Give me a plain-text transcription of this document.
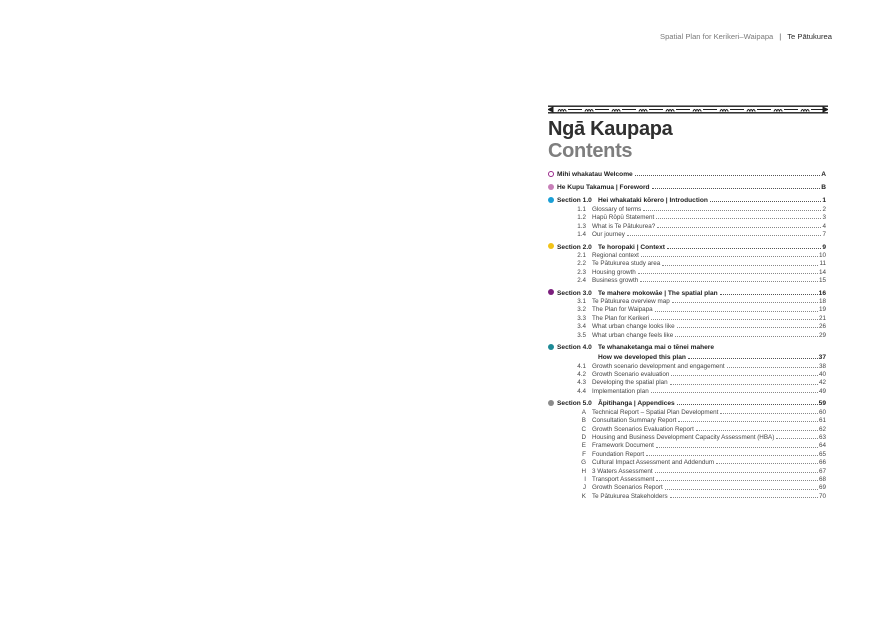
Spatial Plan for Kerikeri–Waipapa | Te Pātukurea
Ngā Kaupapa
Contents
Mihi whakatau Welcome	A
He Kupu Takamua | Foreword	B
Section 1.0 Hei whakataki kōrero | Introduction	1
1.1 Glossary of terms	2
1.2 Hapū Rōpū Statement	3
1.3 What is Te Pātukurea?	4
1.4 Our journey	7
Section 2.0 Te horopaki | Context	9
2.1 Regional context	10
2.2 Te Pātukurea study area	11
2.3 Housing growth	14
2.4 Business growth	15
Section 3.0 Te mahere mokowāe | The spatial plan	16
3.1 Te Pātukurea overview map	18
3.2 The Plan for Waipapa	19
3.3 The Plan for Kerikeri	21
3.4 What urban change looks like	26
3.5 What urban change feels like	29
Section 4.0 Te whanaketanga mai o tēnei mahere
How we developed this plan	37
4.1 Growth scenario development and engagement	38
4.2 Growth Scenario evaluation	40
4.3 Developing the spatial plan	42
4.4 Implementation plan	49
Section 5.0 Āpitihanga | Appendices	59
A Technical Report – Spatial Plan Development	60
B Consultation Summary Report	61
C Growth Scenarios Evaluation Report	62
D Housing and Business Development Capacity Assessment (HBA)	63
E Framework Document	64
F Foundation Report	65
G Cultural Impact Assessment and Addendum	66
H 3 Waters Assessment	67
I Transport Assessment	68
J Growth Scenarios Report	69
K Te Pātukurea Stakeholders	70
